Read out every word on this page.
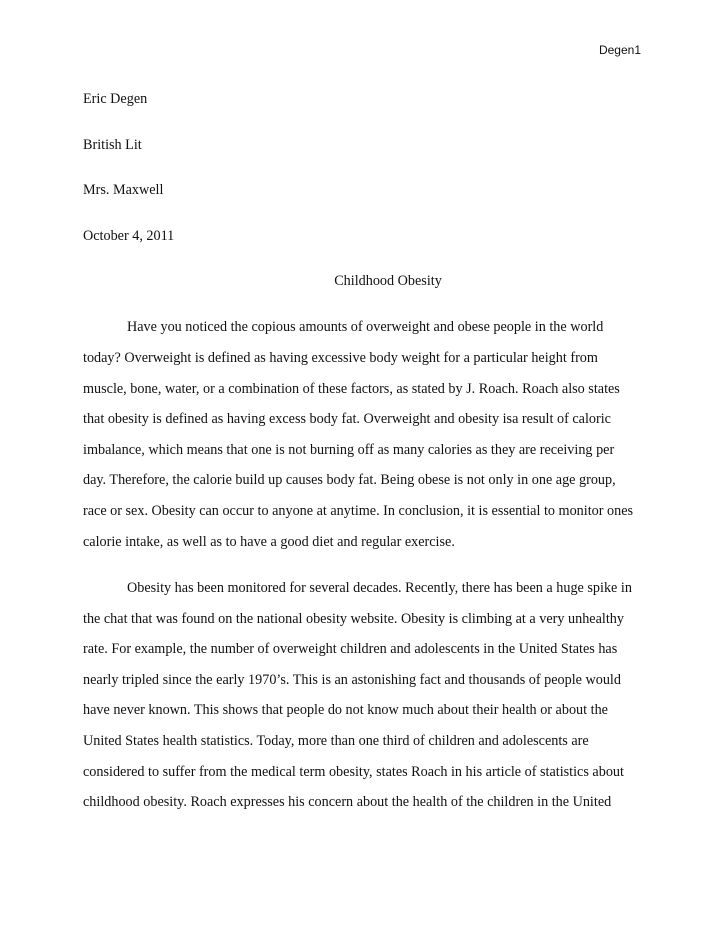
Degen1
Eric Degen
British Lit
Mrs. Maxwell
October 4, 2011
Childhood Obesity
Have you noticed the copious amounts of overweight and obese people in the world
today? Overweight is defined as having excessive body weight for a particular height from
muscle, bone, water, or a combination of these factors, as stated by J. Roach. Roach also states
that obesity is defined as having excess body fat. Overweight and obesity isa result of caloric
imbalance, which means that one is not burning off as many calories as they are receiving per
day. Therefore, the calorie build up causes body fat. Being obese is not only in one age group,
race or sex. Obesity can occur to anyone at anytime. In conclusion, it is essential to monitor ones
calorie intake, as well as to have a good diet and regular exercise.
Obesity has been monitored for several decades. Recently, there has been a huge spike in
the chat that was found on the national obesity website. Obesity is climbing at a very unhealthy
rate. For example, the number of overweight children and adolescents in the United States has
nearly tripled since the early 1970’s. This is an astonishing fact and thousands of people would
have never known. This shows that people do not know much about their health or about the
United States health statistics. Today, more than one third of children and adolescents are
considered to suffer from the medical term obesity, states Roach in his article of statistics about
childhood obesity. Roach expresses his concern about the health of the children in the United
